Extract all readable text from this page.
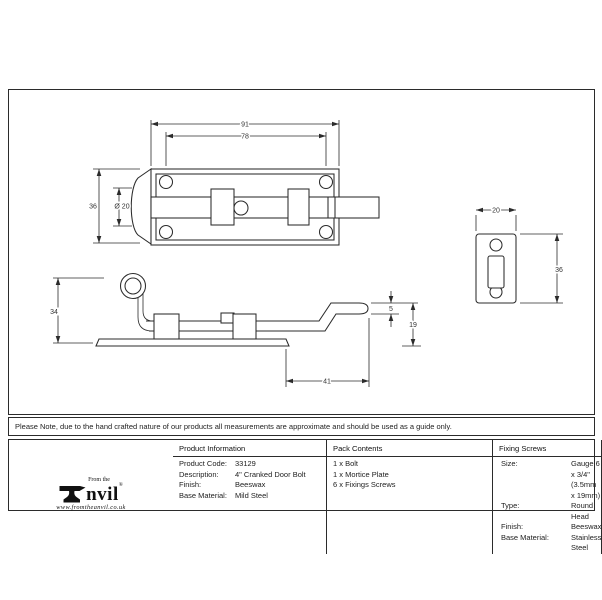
91
78
36	Ø 20
34	5
19
41
20
36
Please Note, due to the hand crafted nature of our products all measurements are approximate and should be used as a guide only.
Product Information	Pack Contents	Fixing Screws
From the
nvil®
www.fromtheanvil.co.uk
Product Code:	33129
Description:	4" Cranked Door Bolt
Finish:	Beeswax
Base Material:	Mild Steel
1 x Bolt
1 x Mortice Plate
6 x Fixings Screws
Size:	Gauge 6 x 3/4" (3.5mm x 19mm)
Type:	Round Head
Finish:	Beeswax
Base Material:	Stainless Steel
